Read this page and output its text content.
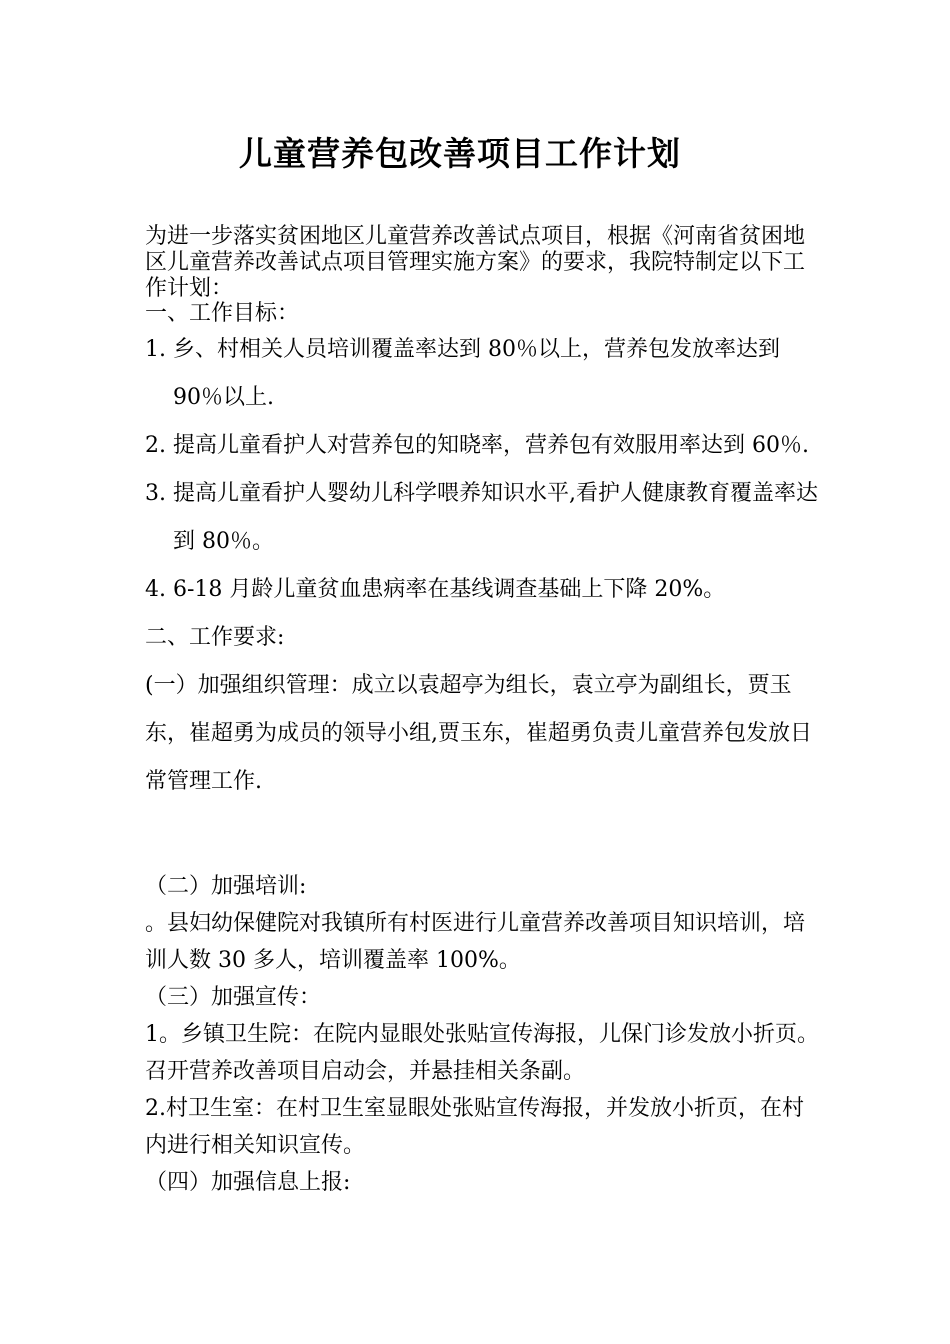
儿童营养包改善项目工作计划
为进一步落实贫困地区儿童营养改善试点项目，根据《河南省贫困地区儿童营养改善试点项目管理实施方案》的要求，我院特制定以下工作计划：
一、工作目标：
1. 乡、村相关人员培训覆盖率达到 80％以上，营养包发放率达到 90％以上.
2. 提高儿童看护人对营养包的知晓率，营养包有效服用率达到 60％.
3. 提高儿童看护人婴幼儿科学喂养知识水平,看护人健康教育覆盖率达到 80％。
4. 6-18 月龄儿童贫血患病率在基线调查基础上下降 20%。
二、工作要求:
(一）加强组织管理：成立以袁超亭为组长，袁立亭为副组长，贾玉东，崔超勇为成员的领导小组,贾玉东，崔超勇负责儿童营养包发放日常管理工作.
（二）加强培训:
。县妇幼保健院对我镇所有村医进行儿童营养改善项目知识培训，培训人数 30 多人，培训覆盖率 100%。
（三）加强宣传：
1。乡镇卫生院：在院内显眼处张贴宣传海报，儿保门诊发放小折页。召开营养改善项目启动会，并悬挂相关条副。
2.村卫生室：在村卫生室显眼处张贴宣传海报，并发放小折页，在村内进行相关知识宣传。
（四）加强信息上报:
